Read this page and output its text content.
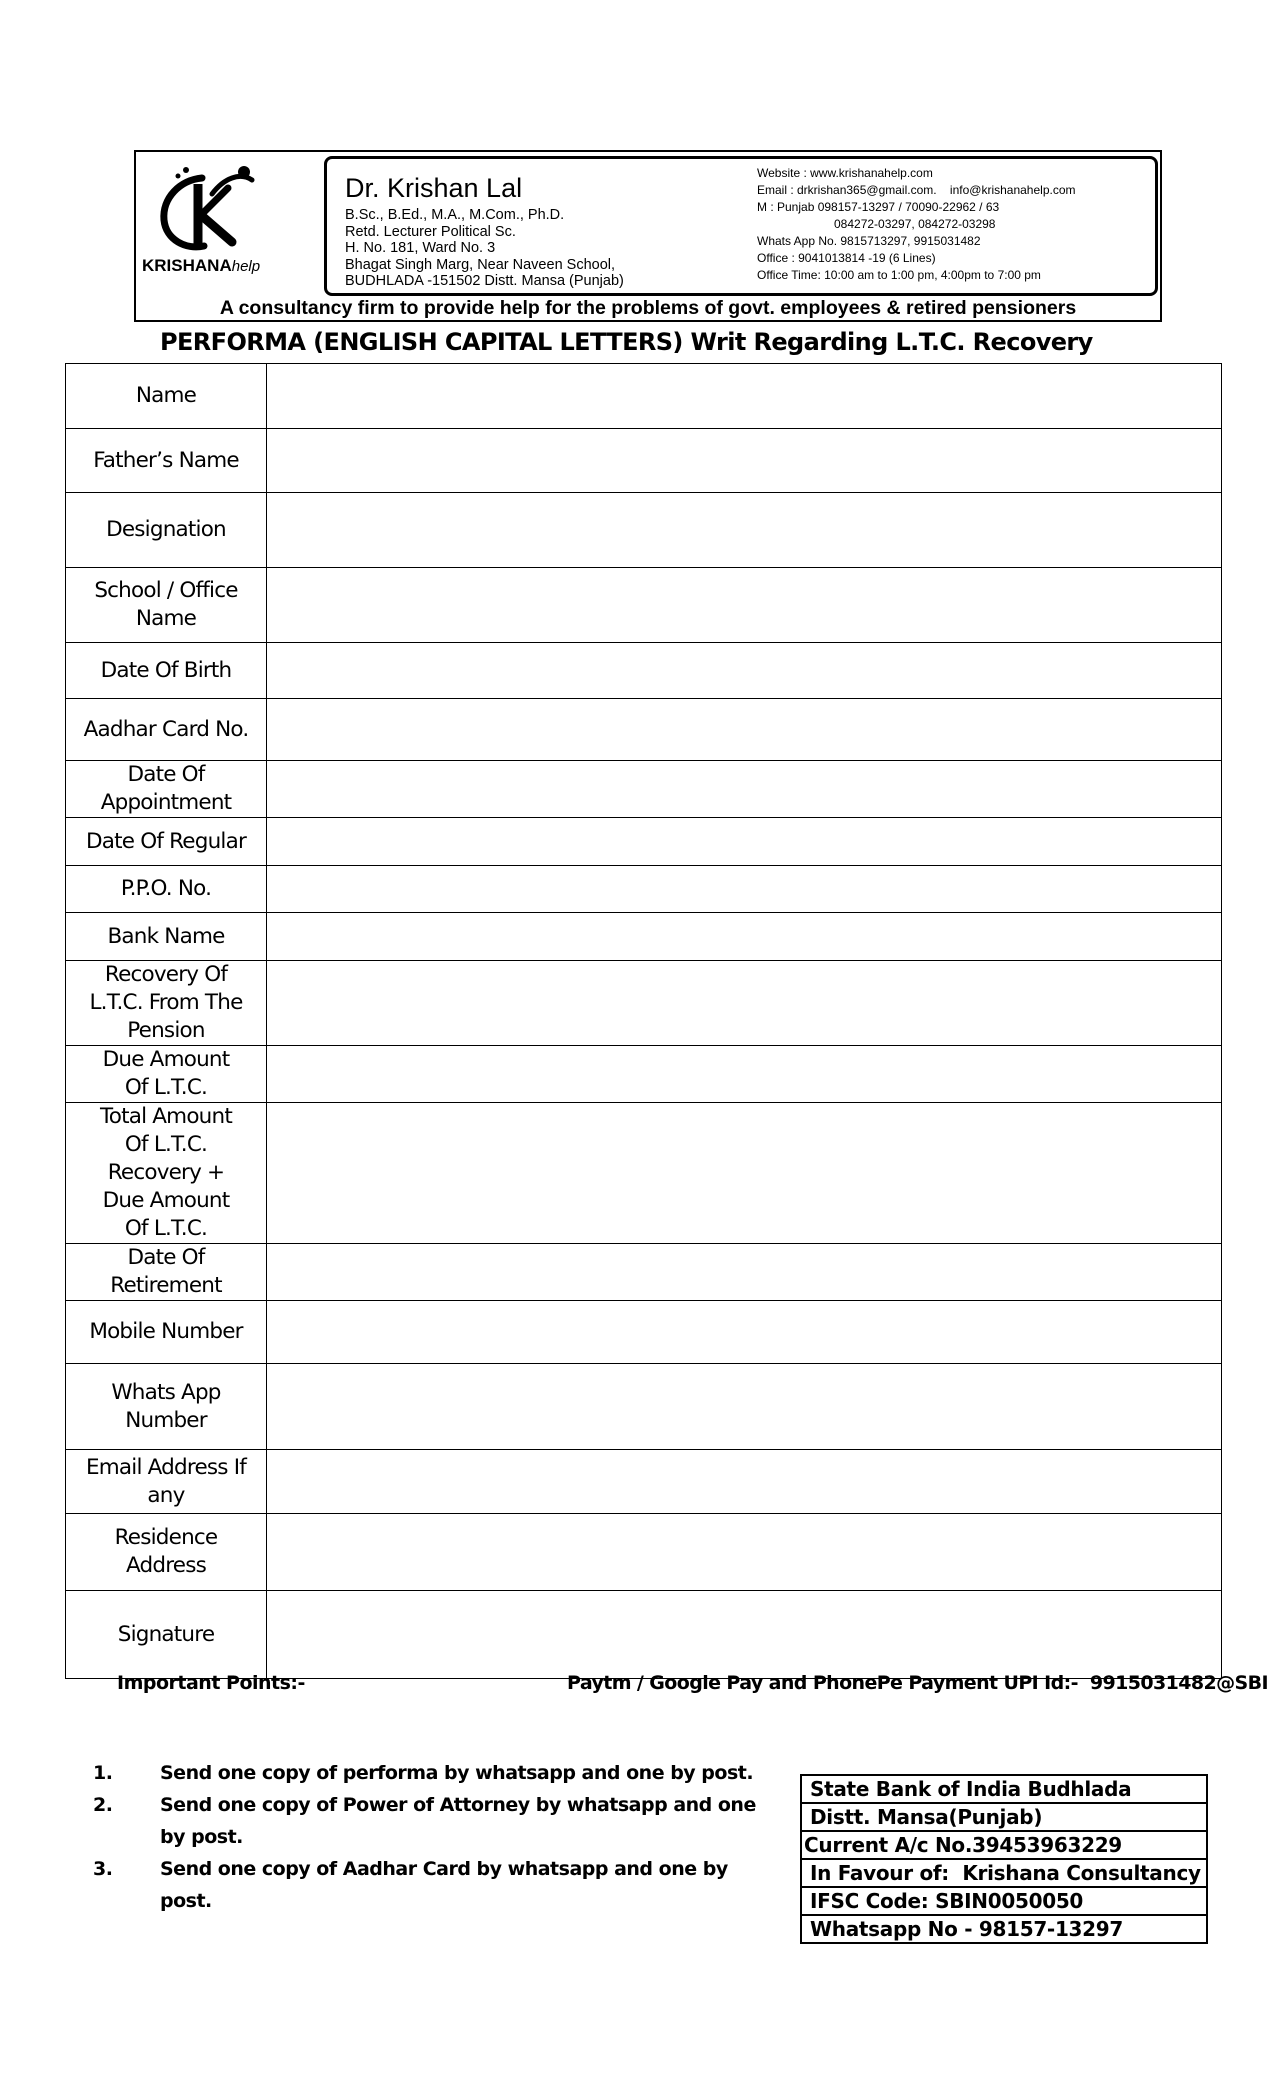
KRISHANAhelp
Dr. Krishan Lal
B.Sc., B.Ed., M.A., M.Com., Ph.D.
Retd. Lecturer Political Sc.
H. No. 181, Ward No. 3
Bhagat Singh Marg, Near Naveen School,
BUDHLADA -151502 Distt. Mansa (Punjab)
Website : www.krishanahelp.com
Email : drkrishan365@gmail.com.    info@krishanahelp.com
M : Punjab 098157-13297 / 70090-22962 / 63
084272-03297, 084272-03298
Whats App No. 9815713297, 9915031482
Office : 9041013814 -19 (6 Lines)
Office Time: 10:00 am to 1:00 pm, 4:00pm to 7:00 pm
A consultancy firm to provide help for the problems of govt. employees & retired pensioners
PERFORMA (ENGLISH CAPITAL LETTERS) Writ Regarding L.T.C. Recovery
Name	
Father’s Name	
Designation	
School / Office Name	
Date Of Birth	
Aadhar Card No.	
Date Of Appointment	
Date Of Regular	
P.P.O. No.	
Bank Name	
Recovery Of L.T.C. From The Pension	
Due Amount Of L.T.C.	
Total Amount Of L.T.C. Recovery + Due Amount Of L.T.C.	
Date Of Retirement	
Mobile Number	
Whats App Number	
Email Address If any	
Residence Address	
Signature	
Important Points:-	Paytm / Google Pay and PhonePe Payment UPI Id:-  9915031482@SBI
1.	Send one copy of performa by whatsapp and one by post.
2.	Send one copy of Power of Attorney by whatsapp and one by post.
3.	Send one copy of Aadhar Card by whatsapp and one by post.
State Bank of India Budhlada
Distt. Mansa(Punjab)
Current A/c No.39453963229
In Favour of:  Krishana Consultancy
IFSC Code: SBIN0050050
Whatsapp No - 98157-13297
